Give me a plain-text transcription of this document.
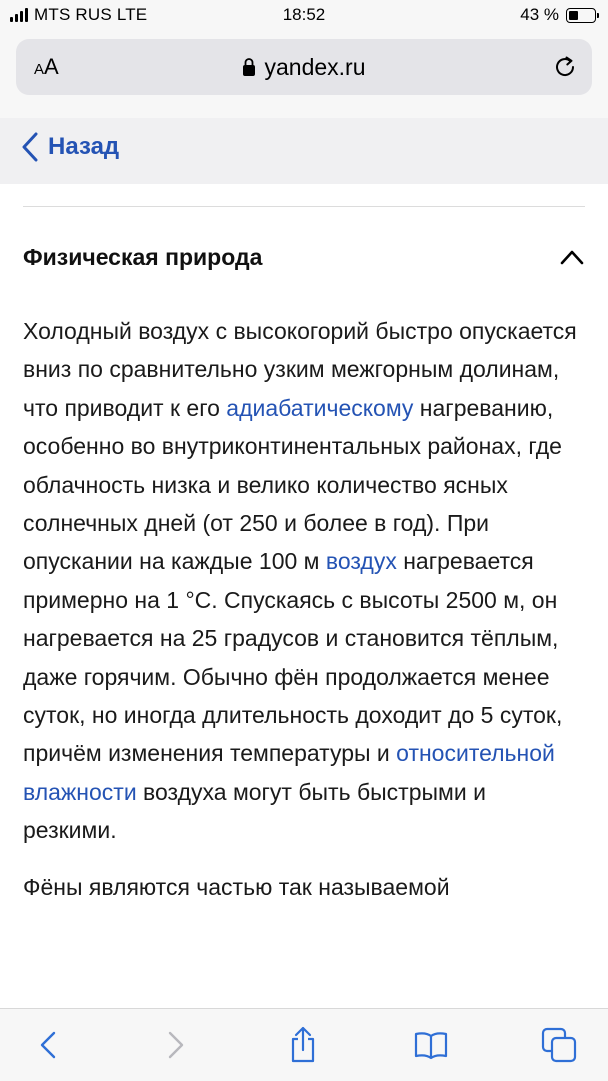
MTS RUS LTE	18:52	43 %
AA	yandex.ru
Назад
Физическая природа

Холодный воздух с высокогорий быстро опускается вниз по сравнительно узким межгорным долинам, что приводит к его адиабатическому нагреванию, особенно во внутриконтинентальных районах, где облачность низка и велико количество ясных солнечных дней (от 250 и более в год). При опускании на каждые 100 м воздух нагревается примерно на 1 °C. Спускаясь с высоты 2500 м, он нагревается на 25 градусов и становится тёплым, даже горячим. Обычно фён продолжается менее суток, но иногда длительность доходит до 5 суток, причём изменения температуры и относительной влажности воздуха могут быть быстрыми и резкими.

Фёны являются частью так называемой
